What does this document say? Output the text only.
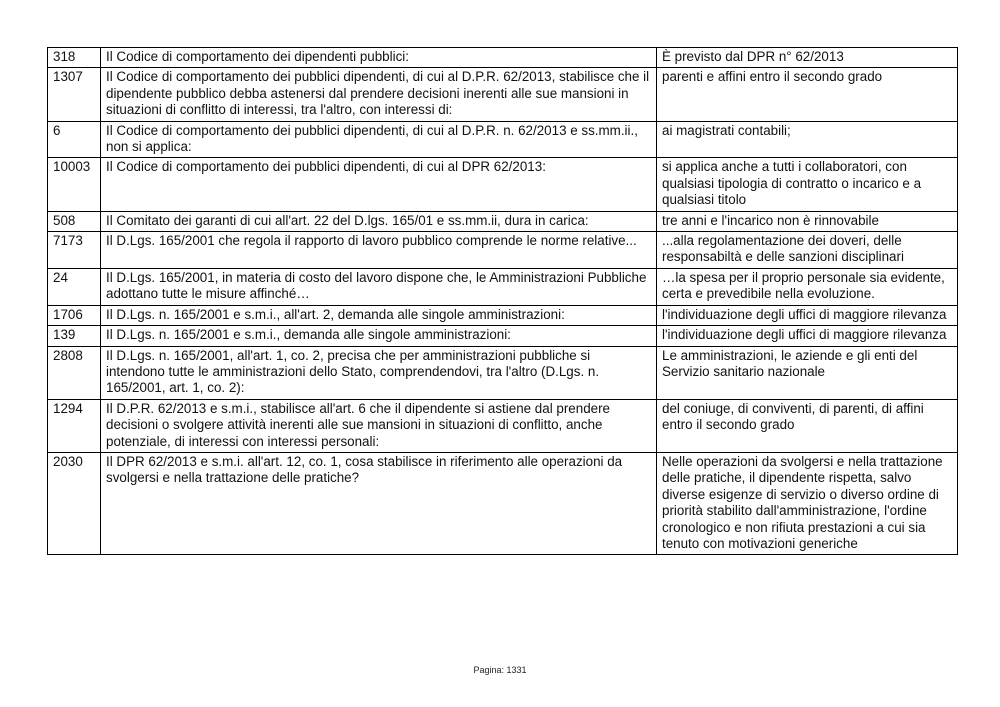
318	Il Codice di comportamento dei dipendenti pubblici:	È previsto dal DPR n° 62/2013
1307	Il Codice di comportamento dei pubblici dipendenti, di cui al D.P.R. 62/2013, stabilisce che il dipendente pubblico debba astenersi dal prendere decisioni inerenti alle sue mansioni in situazioni di conflitto di interessi, tra l'altro, con interessi di:	parenti e affini entro il secondo grado
6	Il Codice di comportamento dei pubblici dipendenti, di cui al D.P.R. n. 62/2013 e ss.mm.ii., non si applica:	ai magistrati contabili;
10003	Il Codice di comportamento dei pubblici dipendenti, di cui al DPR 62/2013:	si applica anche a tutti i collaboratori, con qualsiasi tipologia di contratto o incarico e a qualsiasi titolo
508	Il Comitato dei garanti di cui all'art. 22 del D.lgs. 165/01 e ss.mm.ii, dura in carica:	tre anni e l'incarico non è rinnovabile
7173	Il D.Lgs. 165/2001 che regola il rapporto di lavoro pubblico comprende le norme relative...	...alla regolamentazione dei doveri, delle responsabiltà e delle sanzioni disciplinari
24	Il D.Lgs. 165/2001, in materia di costo del lavoro dispone che, le Amministrazioni Pubbliche adottano tutte le misure affinché…	…la spesa per il proprio personale sia evidente, certa e prevedibile nella evoluzione.
1706	Il D.Lgs. n. 165/2001 e s.m.i., all'art. 2, demanda alle singole amministrazioni:	l'individuazione degli uffici di maggiore rilevanza
139	Il D.Lgs. n. 165/2001 e s.m.i., demanda alle singole amministrazioni:	l'individuazione degli uffici di maggiore rilevanza
2808	Il D.Lgs. n. 165/2001, all'art. 1, co. 2, precisa che per amministrazioni pubbliche si intendono tutte le amministrazioni dello Stato, comprendendovi, tra l'altro (D.Lgs. n. 165/2001, art. 1, co. 2):	Le amministrazioni, le aziende e gli enti del Servizio sanitario nazionale
1294	Il D.P.R. 62/2013 e s.m.i., stabilisce all'art. 6 che il dipendente si astiene dal prendere decisioni o svolgere attività inerenti alle sue mansioni in situazioni di conflitto, anche potenziale, di interessi con interessi personali:	del coniuge, di conviventi, di parenti, di affini entro il secondo grado
2030	Il DPR 62/2013 e s.m.i. all'art. 12, co. 1, cosa stabilisce in riferimento alle operazioni da svolgersi e nella trattazione delle pratiche?	Nelle operazioni da svolgersi e nella trattazione delle pratiche, il dipendente rispetta, salvo diverse esigenze di servizio o diverso ordine di priorità stabilito dall'amministrazione, l'ordine cronologico e non rifiuta prestazioni a cui sia tenuto con motivazioni generiche
Pagina: 1331
